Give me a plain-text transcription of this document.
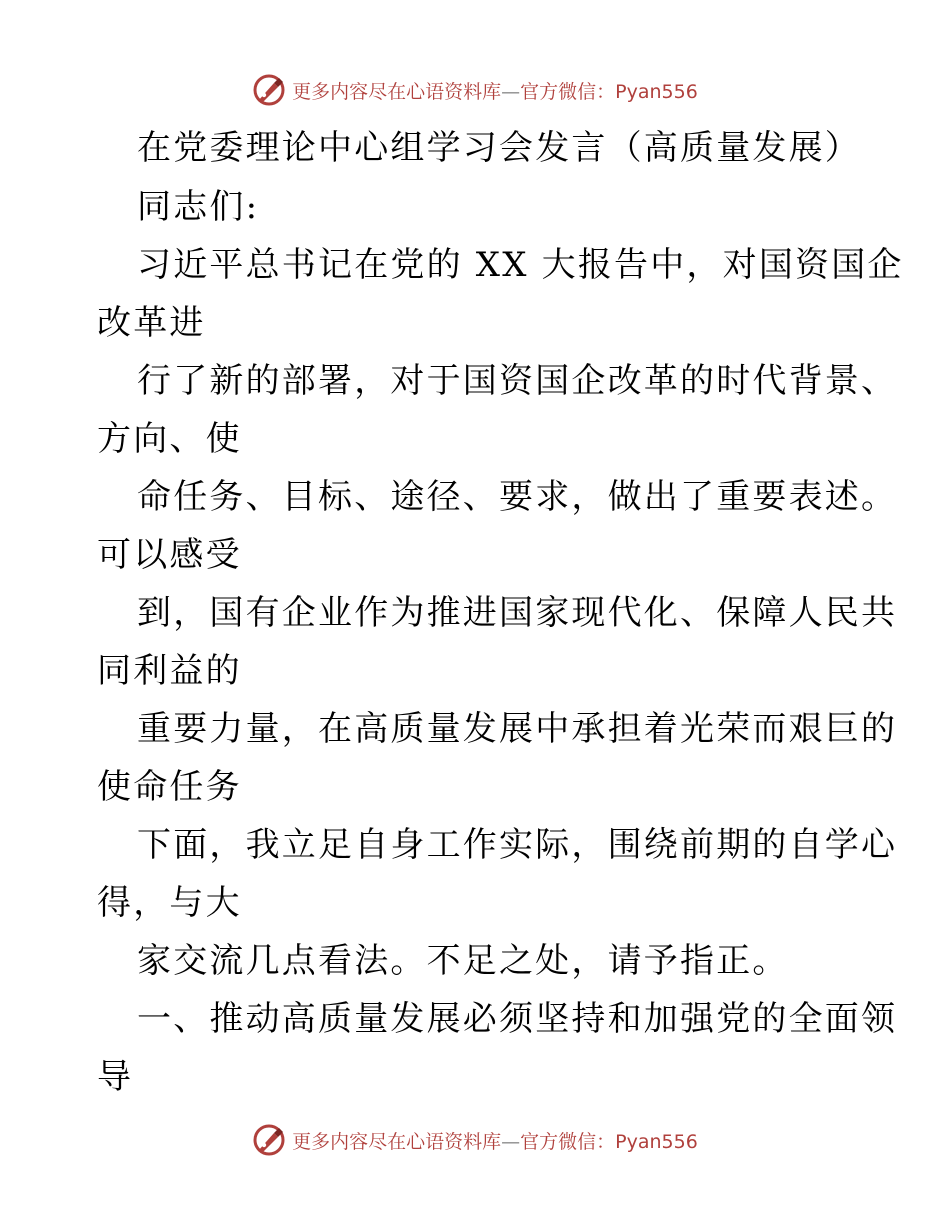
更多内容尽在心语资料库—官方微信：Pyan556
在党委理论中心组学习会发言（高质量发展）
同志们:
习近平总书记在党的 XX 大报告中，对国资国企
改革进
行了新的部署，对于国资国企改革的时代背景、
方向、使
命任务、目标、途径、要求，做出了重要表述。
可以感受
到，国有企业作为推进国家现代化、保障人民共
同利益的
重要力量，在高质量发展中承担着光荣而艰巨的
使命任务
下面，我立足自身工作实际，围绕前期的自学心
得，与大
家交流几点看法。不足之处，请予指正。
一、推动高质量发展必须坚持和加强党的全面领
导
更多内容尽在心语资料库—官方微信：Pyan556
